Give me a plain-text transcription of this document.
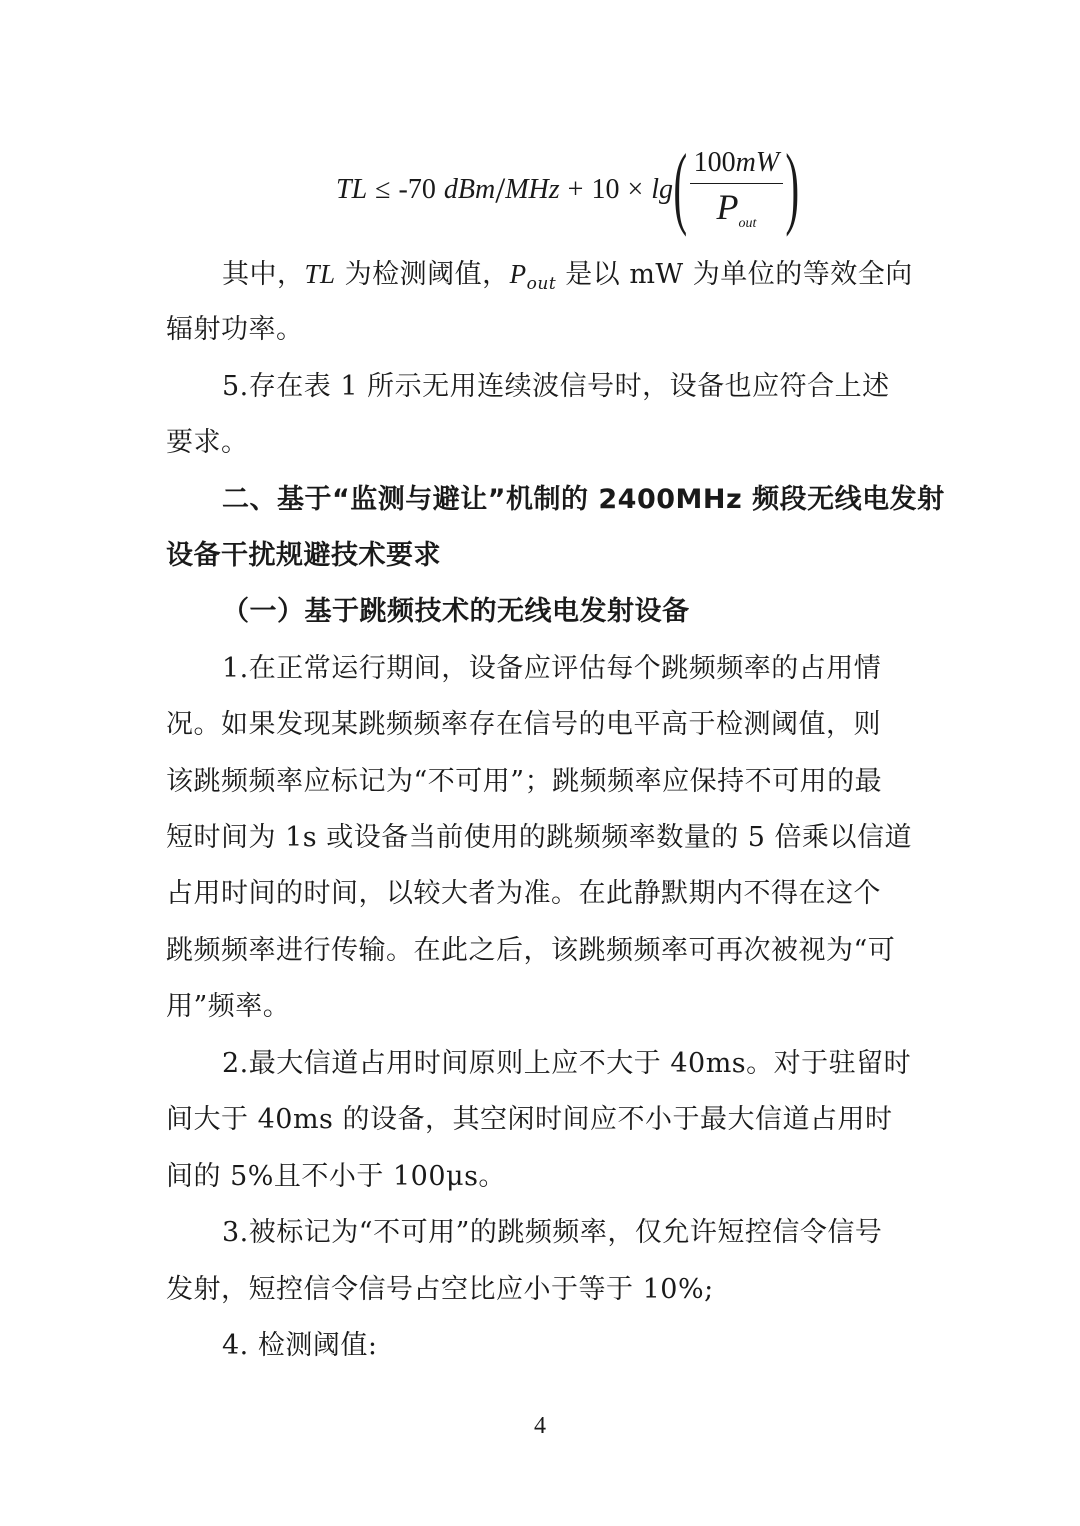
TL ≤ -70 dBm / MHz + 10 × lg ( $\frac{100mW}{P_{out}}$ )
其中，TL 为检测阈值，$P_{out}$ 是以 mW 为单位的等效全向
辐射功率。
5.存在表 1 所示无用连续波信号时，设备也应符合上述
要求。
二、基于“监测与避让”机制的 2400MHz 频段无线电发射
设备干扰规避技术要求
（一）基于跳频技术的无线电发射设备
1.在正常运行期间，设备应评估每个跳频频率的占用情
况。如果发现某跳频频率存在信号的电平高于检测阈值，则
该跳频频率应标记为“不可用”；跳频频率应保持不可用的最
短时间为 1s 或设备当前使用的跳频频率数量的 5 倍乘以信道
占用时间的时间，以较大者为准。在此静默期内不得在这个
跳频频率进行传输。在此之后，该跳频频率可再次被视为“可
用”频率。
2.最大信道占用时间原则上应不大于 40ms。对于驻留时
间大于 40ms 的设备，其空闲时间应不小于最大信道占用时
间的 5%且不小于 100μs。
3.被标记为“不可用”的跳频频率，仅允许短控信令信号
发射，短控信令信号占空比应小于等于 10%;
4. 检测阈值:
4
